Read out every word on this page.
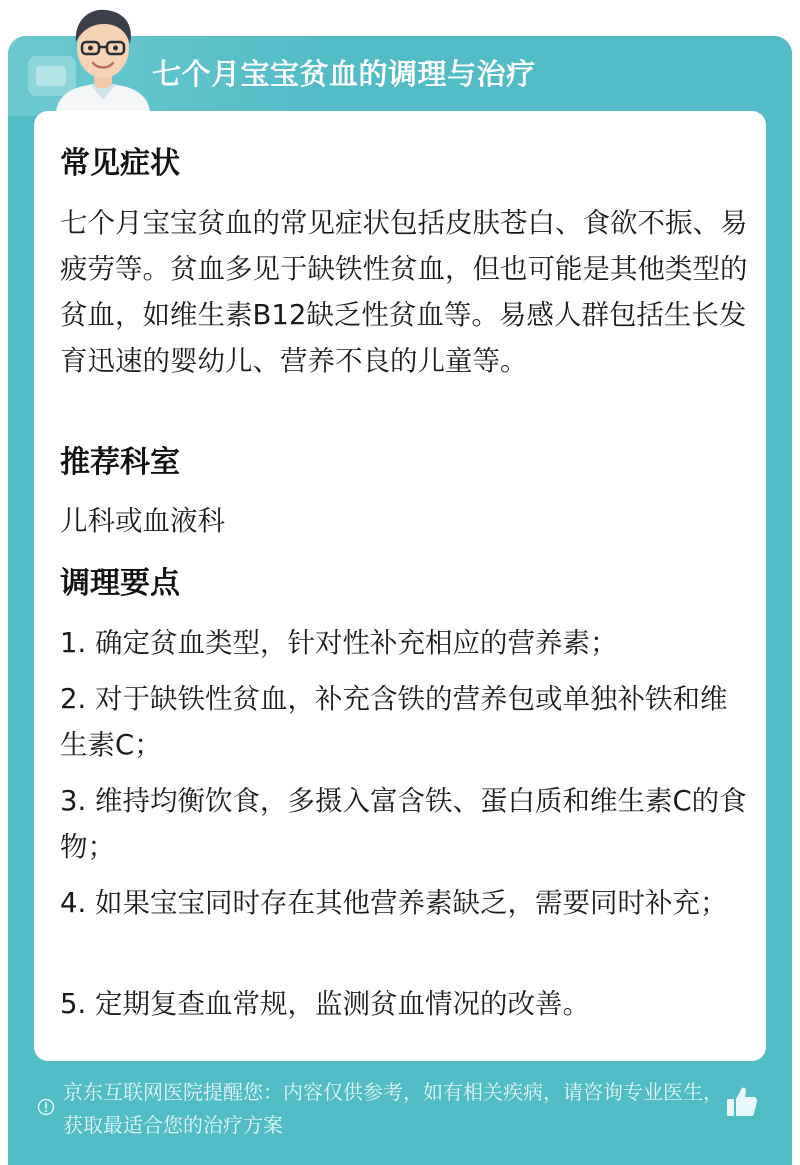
七个月宝宝贫血的调理与治疗
常见症状
七个月宝宝贫血的常见症状包括皮肤苍白、食欲不振、易疲劳等。贫血多见于缺铁性贫血，但也可能是其他类型的贫血，如维生素B12缺乏性贫血等。易感人群包括生长发育迅速的婴幼儿、营养不良的儿童等。
推荐科室
儿科或血液科
调理要点
1. 确定贫血类型，针对性补充相应的营养素；
2. 对于缺铁性贫血，补充含铁的营养包或单独补铁和维生素C；
3. 维持均衡饮食，多摄入富含铁、蛋白质和维生素C的食物；
4. 如果宝宝同时存在其他营养素缺乏，需要同时补充；
5. 定期复查血常规，监测贫血情况的改善。
京东互联网医院提醒您：内容仅供参考，如有相关疾病，请咨询专业医生，获取最适合您的治疗方案
